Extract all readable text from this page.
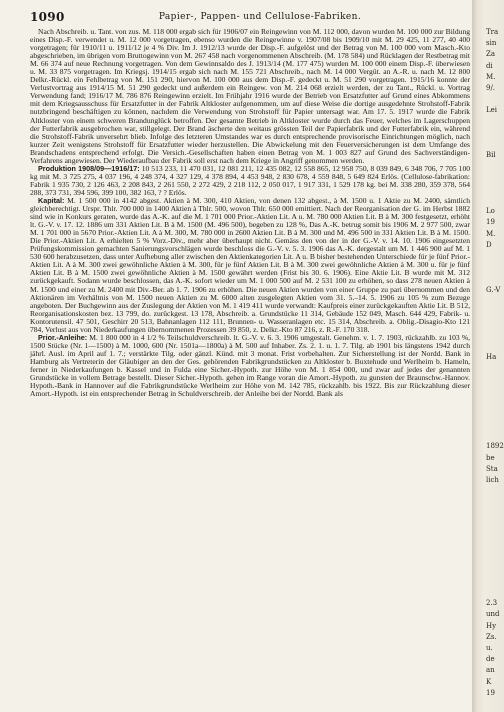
1090	Papier-, Pappen- und Cellulose-Fabriken.

Nach Abschreib. u. Tant. von zus. M. 118 000 ergab sich für 1906/07 ein Reingewinn von M. 112 000, davon wurden M. 100 000 zur Bildung eines Disp.-F. verwendet u. M. 12 000 vorgetragen, ebenso wurden die Reingewinne v. 1907/08 bis 1909/10 mit M. 29 425, 11 277, 40 400 vorgetragen; für 1910/11 u. 1911/12 je 4 % Div. Im J. 1912/13 wurde der Disp.-F. aufgelöst und der Betrag von M. 100 000 vom Masch.-Kto abgeschrieben, im übrigen vom Bruttogewinn von M. 267 458 nach vorgenommenen Abschreib. (M. 178 584) und Rücklagen der Restbetrag mit M. 66 374 auf neue Rechnung vorgetragen. Von dem Gewinnsaldo des J. 1913/14 (M. 177 475) wurden M. 100 000 einem Disp.-F. überwiesen u. M. 33 875 vorgetragen. Im Kriegsj. 1914/15 ergab sich nach M. 155 721 Abschreib., nach M. 14 000 Vergüt. an A.-R. u. nach M. 12 800 Delkr.-Rückl. ein Fehlbetrag von M. 151 290, hiervon M. 100 000 aus dem Disp.-F. gedeckt u. M. 51 290 vorgetragen. 1915/16 konnte der Verlustvortrag aus 1914/15 M. 51 290 gedeckt und außerdem ein Reingew. von M. 214 068 erzielt werden, der zu Tant., Rückl. u. Vortrag Verwendung fand; 1916/17 M. 786 876 Reingewinn erzielt. Im Frühjahr 1916 wurde der Betrieb von Ersatzfutter auf Grund eines Abkommens mit dem Kriegsausschuss für Ersatzfutter in der Fabrik Altkloster aufgenommen, um auf diese Weise die dortige ausgedehnte Strohstoff-Fabrik nutzbringend beschäftigen zu können, nachdem die Verwendung von Strohstoff für Papier untersagt war. Am 17. 5. 1917 wurde die Fabrik Altkloster von einem schweren Brandunglück betroffen. Der gesamte Betrieb in Altkloster wurde durch das Feuer, welches im Lagerschuppen der Futterfabrik ausgebrochen war, stillgelegt. Der Brand äscherte den weitaus grössten Teil der Papierfabrik und der Futterfabrik ein, während die Strohstoff-Fabrik unversehrt blieb. Infolge des letzteren Umstandes war es durch entsprechende provisorische Einrichtungen möglich, nach kurzer Zeit wenigstens Strohstoff für Ersatzfutter wieder herzustellen. Die Abwickelung mit den Feuerversicherungen ist dem Umfange des Brandschadens entsprechend erfolgt. Die Versich.-Gesellschaften haben einen Betrag von M. 1 003 827 auf Grund des Sachverständigen-Verfahrens angewiesen. Der Wiederaufbau der Fabrik soll erst nach dem Kriege in Angriff genommen werden.

Produktion 1908/09—1916/17: 10 513 233, 11 470 031, 12 081 211, 12 435 082, 12 558 865, 12 958 750, 8 039 849, 6 348 706, 7 705 100 kg mit M. 3 725 275, 4 037 196, 4 248 374, 4 327 129, 4 378 894, 4 453 948, 2 830 678, 4 559 848, 5 649 824 Erlös. (Cellulose-fabrikation: Fabrik 1 935 730, 2 126 463, 2 208 843, 2 261 550, 2 272 429, 2 218 112, 2 050 017, 1 917 331, 1 529 178 kg. bei M. 338 280, 359 378, 564 288, 373 731, 394 596, 399 100, 382 163, ? ? Erlös.

Kapital: M. 1 500 000 in 4142 abgest. Aktien à M. 300, 410 Aktien, von denen 132 abgest., à M. 1500 u. 1 Aktie zu M. 2400, sämtlich gleichberechtigt. Urspr. Thlr. 700 000 in 1400 Aktien à Thlr. 500, wovon Thlr. 650 000 emittiert. Nach der Reorganisation der G. im Herbst 1882 sind wie in Konkurs geraten, wurde das A.-K. auf die M. 1 701 000 Prior.-Aktien Lit. A u. M. 780 000 Aktien Lit. B à M. 300 festgesetzt, erhöht lt. G.-V. v. 17. 12. 1886 um 331 Aktien Lit. B à M. 1500 (M. 496 500), begeben zu 128 %, Das A.-K. betrug somit bis 1906 M. 2 977 500, zwar M. 1 701 000 in 5670 Prior.-Aktien Lit. A à M. 300, M. 780 000 in 2600 Aktien Lit. B à M. 300 und M. 496 500 in 331 Aktien Lit. B à M. 1500. Die Prior.-Aktien Lit. A erhielten 5 % Vorz.-Div., mehr aber überhaupt nicht. Gemäss den von der in der G.-V. v. 14. 10. 1906 eingesetzten Prüfungskommission gemachten Sanierungsvorschlägen wurde beschloss die G.-V. v. 5. 3. 1906 das A.-K. dergestalt um M. 1 446 900 auf M. 1 530 600 herabzusetzen, dass unter Aufhebung aller zwischen den Aktienkategorien Lit. A u. B bisher bestehenden Unterschiede für je fünf Prior.-Aktien Lit. A à M. 300 zwei gewöhnliche Aktien à M. 300, für je fünf Aktien Lit. B à M. 300 zwei gewöhnliche Aktien à M. 300 u. für je fünf Aktien Lit. B à M. 1500 zwei gewöhnliche Aktien à M. 1500 gewährt werden (Frist bis 30. 6. 1906). Eine Aktie Lit. B wurde mit M. 312 zurückgekauft. Sodann wurde beschlossen, das A.-K. sofort wieder um M. 1 000 500 auf M. 2 531 100 zu erhöhen, so dass 278 neuen Aktien à M. 1500 und einer zu M. 2400 mit Div.-Ber. ab 1. 7. 1906 zu erhöhen. Die neuen Aktien wurden von einer Gruppe zu pari übernommen und den Aktionären im Verhältnis von M. 1500 neuen Aktien zu M. 6000 alten zusgelegten Aktien vom 31. 5.–14. 5. 1906 zu 105 % zum Bezuge angeboten. Der Buchgewinn aus der Zuslegung der Aktien von M. 1 419 411 wurde verwandt: Kaufpreis einer zurückgekauften Aktie Lit. B 512, Reorganisationskosten bez. 13 799, do. zurückgest. 13 178, Abschreib. a. Grundstücke 11 314, Gebäude 152 049, Masch. 644 429, Fabrik- u. Kontorutensil. 47 501, Geschirr 20 513, Bahnanlagen 112 111, Brunnen- u. Wasseranlagen etc. 15 314, Abschreib. a. Oblig.-Disagio-Kto 121 784, Verlust aus von Niederkaufungen übernommenen Prozessen 39 850, z. Delkr.-Kto 87 216, z. R.-F. 170 318.

Prior.-Anleihe: M. 1 800 000 in 4 1/2 % Teilschuldverschreib. lt. G.-V. v. 6. 3. 1906 umgestalt. Genehm. v. 1. 7. 1903, rückzahlb. zu 103 %, 1500 Stücke (Nr. 1—1500) à M. 1000, 600 (Nr. 1501a—1800a) à M. 500 auf Inhaber. Zs. 2. 1. u. 1. 7. Tilg. ab 1901 bis längstens 1942 durch jährl. Ausl. im April auf 1. 7.; verstärkte Tilg. oder gänzl. Künd. mit 3 monat. Frist vorbehalten. Zur Sicherstellung ist der Nordd. Bank in Hamburg als Vertreterin der Gläubiger an den der Ges. gehörenden Fabrikgrundstücken zu Altkloster b. Buxtehude und Werlheim b. Hameln, ferner in Niederkaufungen b. Kassel und in Fulda eine Sicher.-Hypoth. zur Höhe von M. 1 854 000, und zwar auf jedes der genannten Grundstücke in vollem Betrage bestellt. Dieser Sicher.-Hypoth. gehen im Range voran die Amort.-Hypoth. zu gunsten der Braunschw.-Hannov. Hypoth.-Bank in Hannover auf die Fabrikgrundstücke Werlheim zur Höhe von M. 142 785, rückzahlb. bis 1922. Bis zur Rückzahlung dieser Amort.-Hypoth. ist ein entsprechender Betrag in Schuldverschreib. der Anleihe bei der Nordd. Bank als

Tra
sin
Za
di
M.
9/.
Lei
Bil
Lo
19
M.
D
G.-V
Ha
1892
be
Sta
lich
2.3
und
Hy
Zs.
u.
de
an
K
19
